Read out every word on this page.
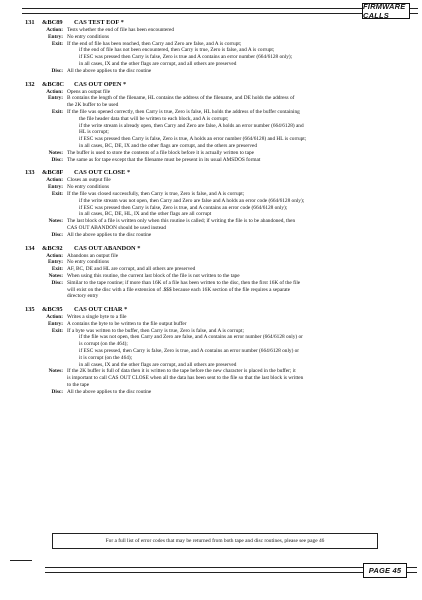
FIRMWARE CALLS
131 &BC89 CAS TEST EOF *
Action: Tests whether the end of file has been encountered
Entry: No entry conditions
Exit: If the end of file has been reached, then Carry and Zero are false, and A is corrupt;
if the end of file has not been encountered, then Carry is true, Zero is false, and A is corrupt;
if ESC was pressed then Carry is false, Zero is true and A contains an error number (664/6128 only);
in all cases, IX and the other flags are corrupt, and all others are preserved
Disc: All the above applies to the disc routine
132 &BC8C CAS OUT OPEN *
Action: Opens an output file
Entry: B contains the length of the filename, HL contains the address of the filename, and DE holds the address of
the 2K buffer to be used
Exit: If the file was opened correctly, then Carry is true, Zero is false, HL holds the address of the buffer containing
the file header data that will be written to each block, and A is corrupt;
if the write stream is already open, then Carry and Zero are false, A holds an error number (664/6128) and
HL is corrupt;
if ESC was pressed then Carry is false, Zero is true, A holds an error number (664/6128) and HL is corrupt;
in all cases, BC, DE, IX and the other flags are corrupt, and the others are preserved
Notes: The buffer is used to store the contents of a file block before it is actually written to tape
Disc: The same as for tape except that the filename must be present in its usual AMSDOS format
133 &BC8F CAS OUT CLOSE *
Action: Closes an output file
Entry: No entry conditions
Exit: If the file was closed successfully, then Carry is true, Zero is false, and A is corrupt;
if the write stream was not open, then Carry and Zero are false and A holds an error code (664/6128 only);
if ESC was pressed then Carry is false, Zero is true, and A contains an error code (664/6128 only);
in all cases, BC, DE, HL, IX and the other flags are all corrupt
Notes: The last block of a file is written only when this routine is called; if writing the file is to be abandoned, then
CAS OUT ABANDON should be used instead
Disc: All the above applies to the disc routine
134 &BC92 CAS OUT ABANDON *
Action: Abandons an output file
Entry: No entry conditions
Exit: AF, BC, DE and HL are corrupt, and all others are preserved
Notes: When using this routine, the current last block of the file is not written to the tape
Disc: Similar to the tape routine; if more than 16K of a file has been written to the disc, then the first 16K of the file
will exist on the disc with a file extension of .$$$ because each 16K section of the file requires a separate
directory entry
135 &BC95 CAS OUT CHAR *
Action: Writes a single byte to a file
Entry: A contains the byte to be written to the file output buffer
Exit: If a byte was written to the buffer, then Carry is true, Zero is false, and A is corrupt;
if the file was not open, then Carry and Zero are false, and A contains an error number (664/6128 only) or
is corrupt (on the 464);
if ESC was pressed, then Carry is false, Zero is true, and A contains an error number (664/6128 only) or
it is corrupt (on the 464);
in all cases, IX and the other flags are corrupt, and all others are preserved
Notes: If the 2K buffer is full of data then it is written to the tape before the new character is placed in the buffer; it
is important to call CAS OUT CLOSE when all the data has been sent to the file so that the last block is written
to the tape
Disc: All the above applies to the disc routine
For a full list of error codes that may be returned from both tape and disc routines, please see page 46
PAGE 45
